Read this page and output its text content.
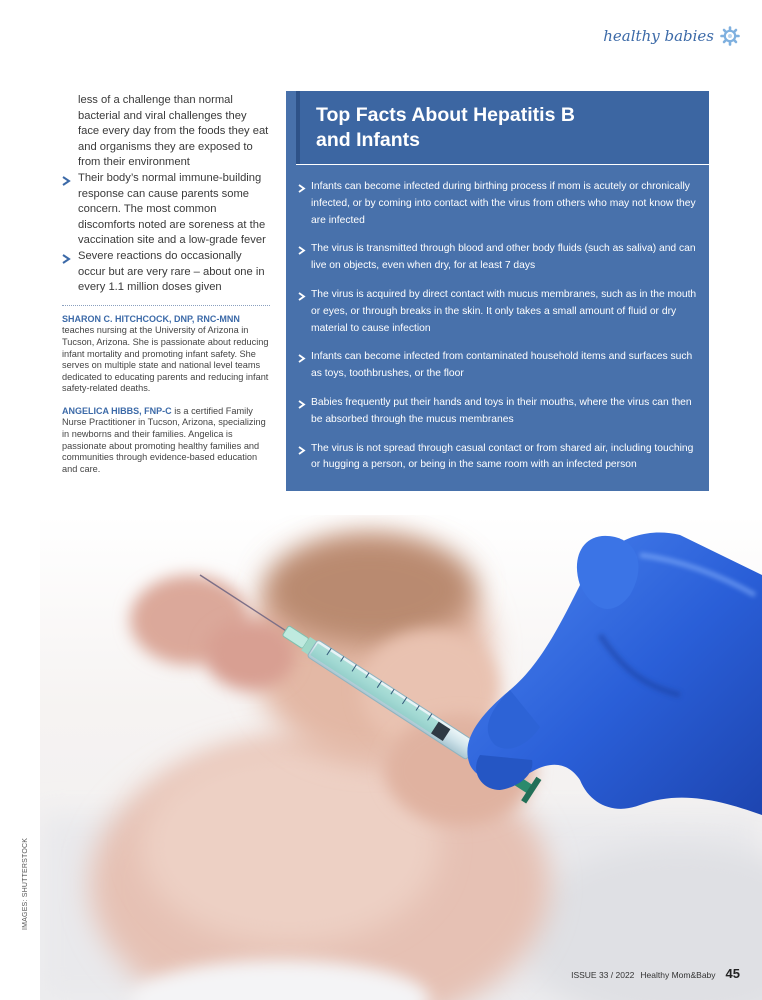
healthy babies

less of a challenge than normal bacterial and viral challenges they face every day from the foods they eat and organisms they are exposed to from their environment

Their body’s normal immune-building response can cause parents some concern. The most common discomforts noted are soreness at the vaccination site and a low-grade fever

Severe reactions do occasionally occur but are very rare – about one in every 1.1 million doses given

SHARON C. HITCHCOCK, DNP, RNC-MNN teaches nursing at the University of Arizona in Tucson, Arizona. She is passionate about reducing infant mortality and promoting infant safety. She serves on multiple state and national level teams dedicated to educating parents and reducing infant safety-related deaths.

ANGELICA HIBBS, FNP-C is a certified Family Nurse Practitioner in Tucson, Arizona, specializing in newborns and their families. Angelica is passionate about promoting healthy families and communities through evidence-based education and care.

Top Facts About Hepatitis B
and Infants
Infants can become infected during birthing process if mom is acutely or chronically infected, or by coming into contact with the virus from others who may not know they are infected
The virus is transmitted through blood and other body fluids (such as saliva) and can live on objects, even when dry, for at least 7 days
The virus is acquired by direct contact with mucus membranes, such as in the mouth or eyes, or through breaks in the skin. It only takes a small amount of fluid or dry material to cause infection
Infants can become infected from contaminated household items and surfaces such as toys, toothbrushes, or the floor
Babies frequently put their hands and toys in their mouths, where the virus can then be absorbed through the mucus membranes
The virus is not spread through casual contact or from shared air, including touching or hugging a person, or being in the same room with an infected person
IMAGES: SHUTTERSTOCK
ISSUE 33 / 2022 Healthy Mom&Baby 45
